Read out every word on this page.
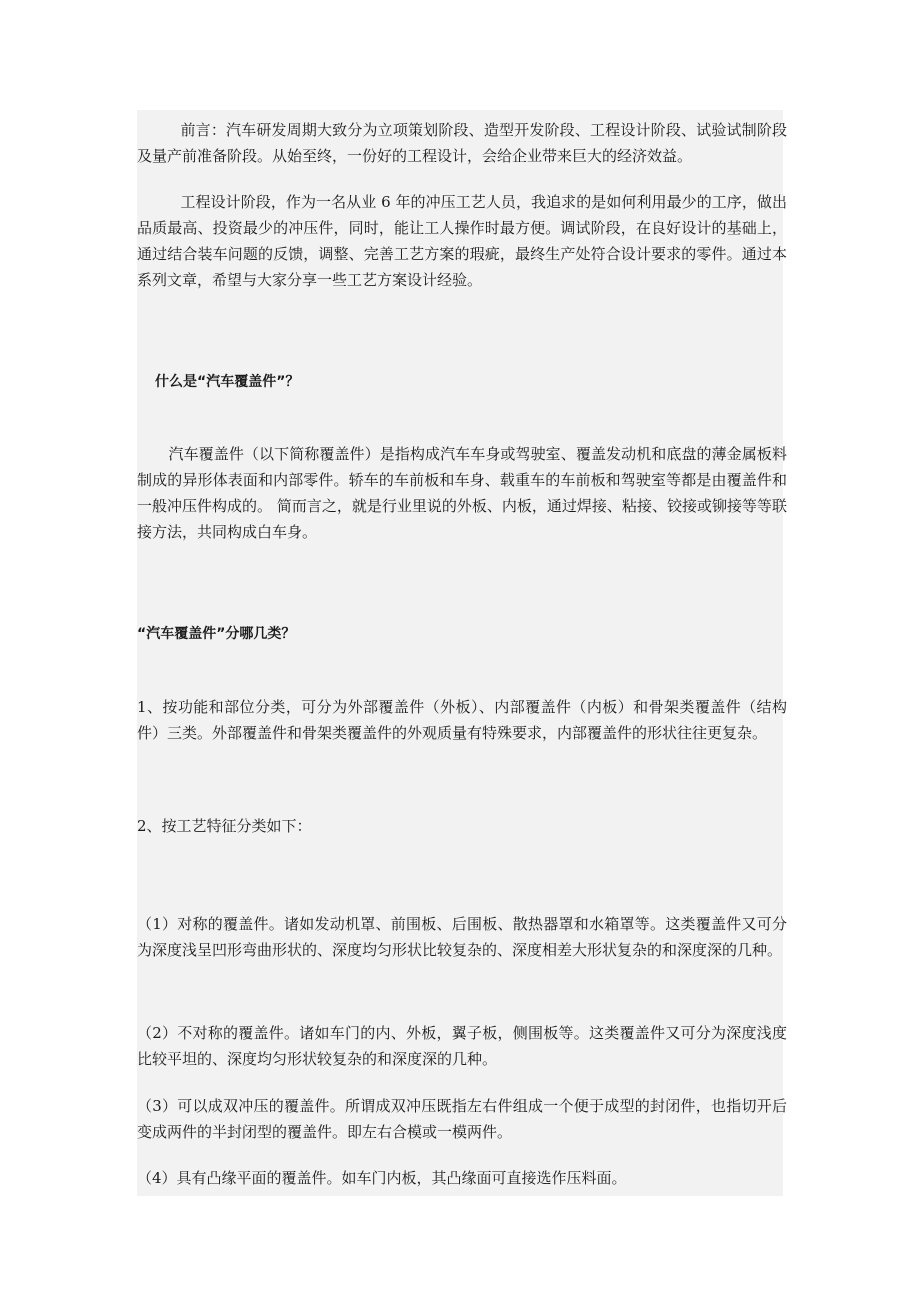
前言：汽车研发周期大致分为立项策划阶段、造型开发阶段、工程设计阶段、试验试制阶段及量产前准备阶段。从始至终，一份好的工程设计，会给企业带来巨大的经济效益。

工程设计阶段，作为一名从业 6 年的冲压工艺人员，我追求的是如何利用最少的工序，做出品质最高、投资最少的冲压件，同时，能让工人操作时最方便。调试阶段，在良好设计的基础上，通过结合装车问题的反馈，调整、完善工艺方案的瑕疵，最终生产处符合设计要求的零件。通过本系列文章，希望与大家分享一些工艺方案设计经验。

什么是“汽车覆盖件”？

汽车覆盖件（以下简称覆盖件）是指构成汽车车身或驾驶室、覆盖发动机和底盘的薄金属板料制成的异形体表面和内部零件。轿车的车前板和车身、载重车的车前板和驾驶室等都是由覆盖件和一般冲压件构成的。 简而言之，就是行业里说的外板、内板，通过焊接、粘接、铰接或铆接等等联接方法，共同构成白车身。

“汽车覆盖件”分哪几类？

1、按功能和部位分类，可分为外部覆盖件（外板）、内部覆盖件（内板）和骨架类覆盖件（结构件）三类。外部覆盖件和骨架类覆盖件的外观质量有特殊要求，内部覆盖件的形状往往更复杂。

2、按工艺特征分类如下：

（1）对称的覆盖件。诸如发动机罩、前围板、后围板、散热器罩和水箱罩等。这类覆盖件又可分为深度浅呈凹形弯曲形状的、深度均匀形状比较复杂的、深度相差大形状复杂的和深度深的几种。

（2）不对称的覆盖件。诸如车门的内、外板，翼子板，侧围板等。这类覆盖件又可分为深度浅度比较平坦的、深度均匀形状较复杂的和深度深的几种。

（3）可以成双冲压的覆盖件。所谓成双冲压既指左右件组成一个便于成型的封闭件，也指切开后变成两件的半封闭型的覆盖件。即左右合模或一模两件。

（4）具有凸缘平面的覆盖件。如车门内板，其凸缘面可直接选作压料面。
